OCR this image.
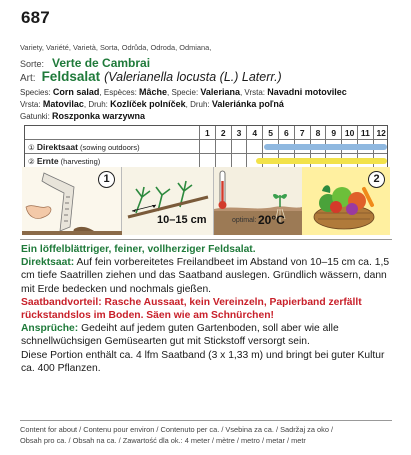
687
Variety, Variété, Varietà, Sorta, Odrůda, Odroda, Odmiana,
Sorte: Verte de Cambrai
Art: Feldsalat (Valerianella locusta (L.) Laterr.)
Species: Corn salad, Espèces: Mâche, Specie: Valeriana, Vrsta: Navadni motovilec
Vrsta: Matovilac, Druh: Kozlíček polníček, Druh: Valeriánka poľná
Gatunki: Roszponka warzywna
1	2	3	4	5	6	7	8	9	10 11 12
① Direktsaat (sowing outdoors)
② Ernte (harvesting)
1	2
10–15 cm	optimal: 20°C
Ein löffelblättriger, feiner, vollherziger Feldsalat.
Direktsaat: Auf fein vorbereitetes Freilandbeet im Abstand von 10–15 cm ca. 1,5 cm tiefe Saatrillen ziehen und das Saatband auslegen. Gründlich wässern, dann mit Erde bedecken und nochmals gießen.
Saatbandvorteil: Rasche Aussaat, kein Vereinzeln, Papierband zerfällt rückstandslos im Boden. Säen wie am Schnürchen!
Ansprüche: Gedeiht auf jedem guten Gartenboden, soll aber wie alle schnellwüchsigen Gemüsearten gut mit Stickstoff versorgt sein.
Diese Portion enthält ca. 4 lfm Saatband (3 x 1,33 m) und bringt bei guter Kultur ca. 400 Pflanzen.
Content for about / Contenu pour environ / Contenuto per ca. / Vsebina za ca. / Sadržaj za oko /
Obsah pro ca. / Obsah na ca. / Zawartość dla ok.: 4 meter / mètre / metro / metar / metr
